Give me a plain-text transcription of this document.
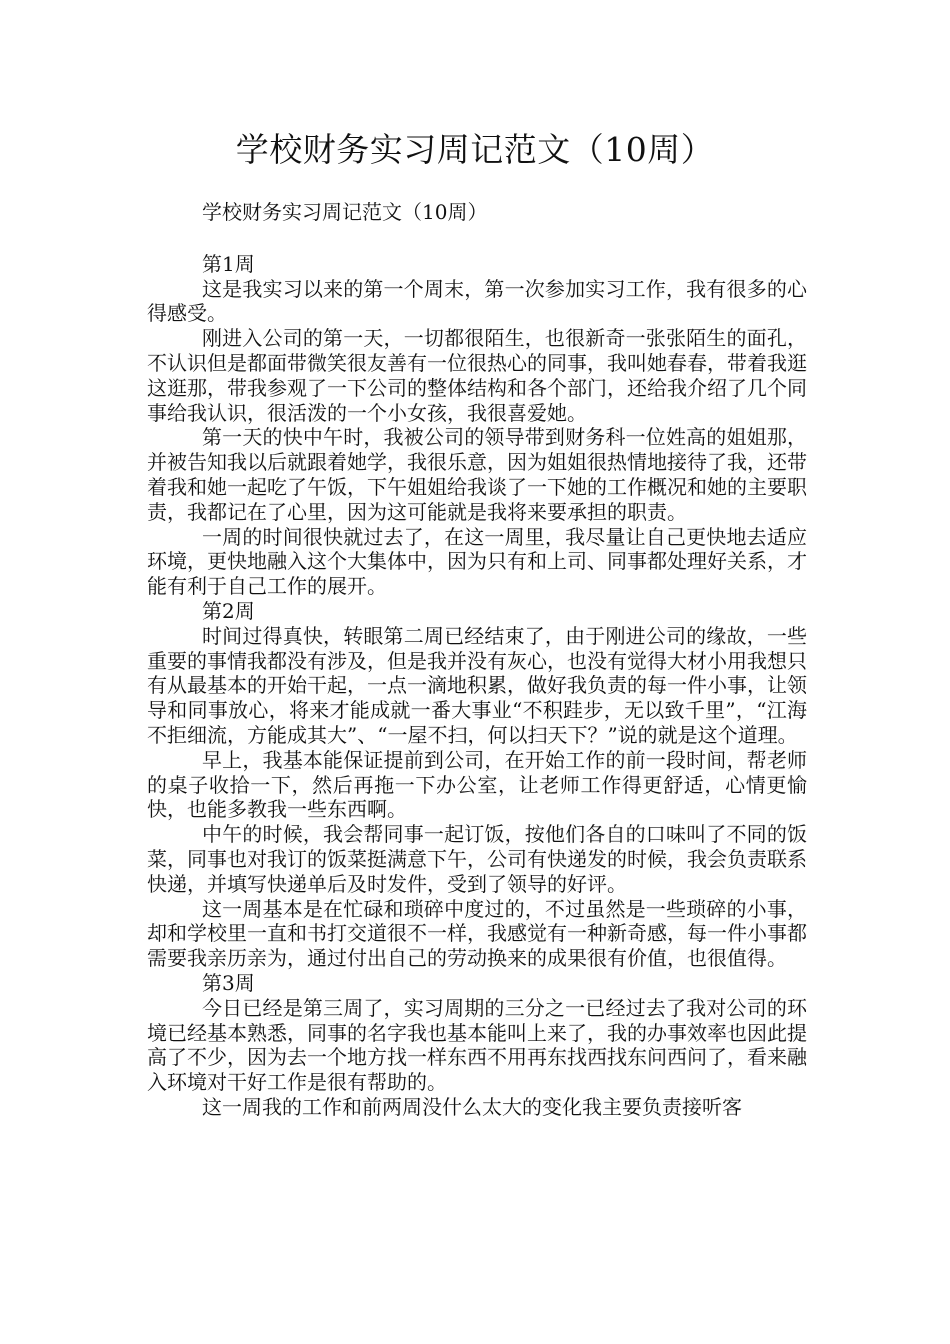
学校财务实习周记范文（10周）

学校财务实习周记范文（10周）

第1周

这是我实习以来的第一个周末，第一次参加实习工作，我有很多的心得感受。

刚进入公司的第一天，一切都很陌生，也很新奇一张张陌生的面孔，不认识但是都面带微笑很友善有一位很热心的同事，我叫她春春，带着我逛这逛那，带我参观了一下公司的整体结构和各个部门，还给我介绍了几个同事给我认识，很活泼的一个小女孩，我很喜爱她。

第一天的快中午时，我被公司的领导带到财务科一位姓高的姐姐那，并被告知我以后就跟着她学，我很乐意，因为姐姐很热情地接待了我，还带着我和她一起吃了午饭，下午姐姐给我谈了一下她的工作概况和她的主要职责，我都记在了心里，因为这可能就是我将来要承担的职责。

一周的时间很快就过去了，在这一周里，我尽量让自己更快地去适应环境，更快地融入这个大集体中，因为只有和上司、同事都处理好关系，才能有利于自己工作的展开。

第2周

时间过得真快，转眼第二周已经结束了，由于刚进公司的缘故，一些重要的事情我都没有涉及，但是我并没有灰心，也没有觉得大材小用我想只有从最基本的开始干起，一点一滴地积累，做好我负责的每一件小事，让领导和同事放心，将来才能成就一番大事业“不积跬步，无以致千里”，“江海不拒细流，方能成其大”、“一屋不扫，何以扫天下？”说的就是这个道理。

早上，我基本能保证提前到公司，在开始工作的前一段时间，帮老师的桌子收拾一下，然后再拖一下办公室，让老师工作得更舒适，心情更愉快，也能多教我一些东西啊。

中午的时候，我会帮同事一起订饭，按他们各自的口味叫了不同的饭菜，同事也对我订的饭菜挺满意下午，公司有快递发的时候，我会负责联系快递，并填写快递单后及时发件，受到了领导的好评。

这一周基本是在忙碌和琐碎中度过的，不过虽然是一些琐碎的小事，却和学校里一直和书打交道很不一样，我感觉有一种新奇感，每一件小事都需要我亲历亲为，通过付出自己的劳动换来的成果很有价值，也很值得。

第3周

今日已经是第三周了，实习周期的三分之一已经过去了我对公司的环境已经基本熟悉，同事的名字我也基本能叫上来了，我的办事效率也因此提高了不少，因为去一个地方找一样东西不用再东找西找东问西问了，看来融入环境对干好工作是很有帮助的。

这一周我的工作和前两周没什么太大的变化我主要负责接听客
